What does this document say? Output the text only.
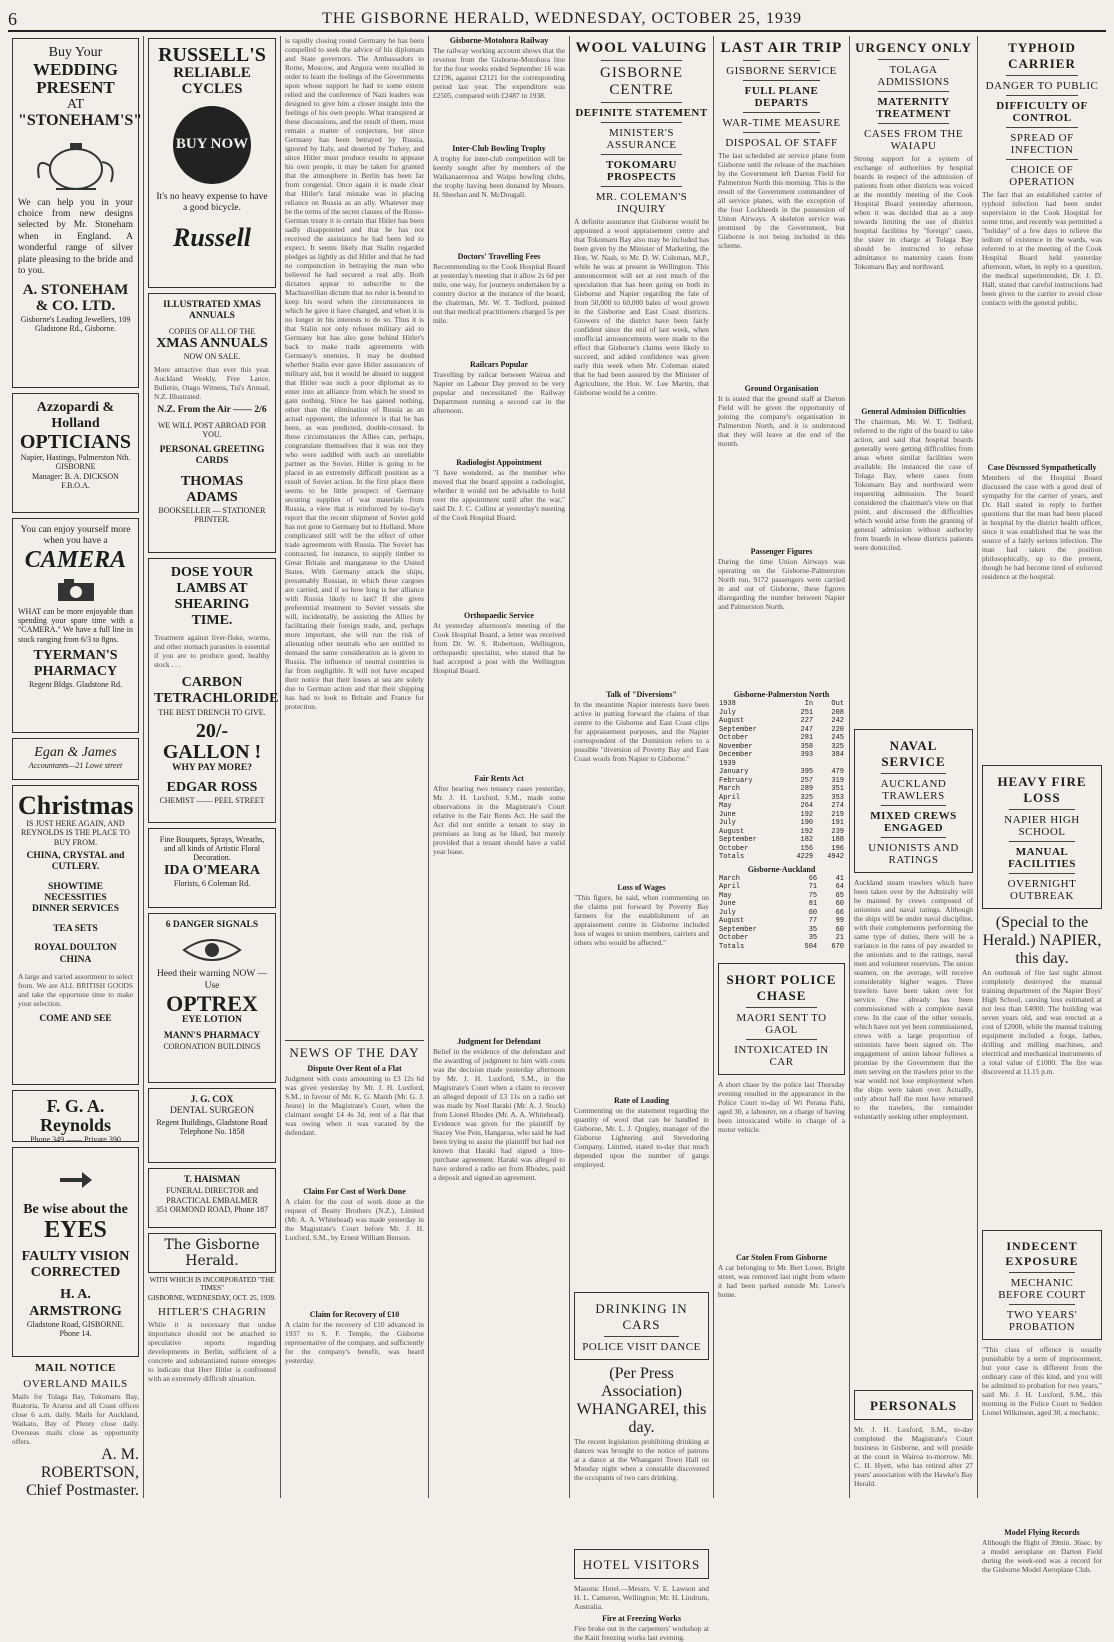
6	THE GISBORNE HERALD, WEDNESDAY, OCTOBER 25, 1939
Buy Your
WEDDING PRESENT
AT
"STONEHAM'S"
We can help you in your choice from new designs selected by Mr. Stoneham when in England. A wonderful range of silver plate pleasing to the bride and to you.
A. STONEHAM & CO. LTD.
Gisborne's Leading Jewellers, 109 Gladstone Rd., Gisborne.
Azzopardi & Holland
OPTICIANS
Napier, Hastings, Palmerston Nth. GISBORNE
Manager: B. A. DICKSON F.B.O.A.
You can enjoy yourself more when you have a
CAMERA
WHAT can be more enjoyable than spending your spare time with a "CAMERA." We have a full line in stock ranging from 6/3 to 8gns.
TYERMAN'S PHARMACY
Regent Bldgs. Gladstone Rd.
Egan & James
Accountants—21 Lowe street
Christmas
IS JUST HERE AGAIN, AND REYNOLDS IS THE PLACE TO BUY FROM.
CHINA, CRYSTAL and CUTLERY.
SHOWTIME NECESSITIES
DINNER SERVICES
TEA SETS
ROYAL DOULTON CHINA
A large and varied assortment to select from. We are ALL BRITISH GOODS and take the opportune time to make your selection.
COME AND SEE
F. G. A. Reynolds
Phone 349 —— Private 390
Be wise about the
EYES
FAULTY VISION CORRECTED
H. A. ARMSTRONG
Gladstone Road, GISBORNE. Phone 14.
MAIL NOTICE
OVERLAND MAILS
Mails for Tolaga Bay, Tokomaru Bay, Ruatoria, Te Araroa and all Coast offices close 6 a.m. daily. Mails for Auckland, Waikato, Bay of Plenty close daily. Overseas mails close as opportunity offers.
A. M. ROBERTSON, Chief Postmaster.
RUSSELL'S
RELIABLE CYCLES
BUY NOW
It's no heavy expense to have a good bicycle.
Russell
ILLUSTRATED XMAS ANNUALS
COPIES OF ALL OF THE
XMAS ANNUALS
NOW ON SALE.
More attractive than ever this year. Auckland Weekly, Free Lance, Bulletin, Otago Witness, Tui's Annual, N.Z. Illustrated.
N.Z. From the Air —— 2/6
WE WILL POST ABROAD FOR YOU.
PERSONAL GREETING CARDS
THOMAS ADAMS
BOOKSELLER — STATIONER PRINTER.
DOSE YOUR LAMBS AT SHEARING TIME.
Treatment against liver-fluke, worms, and other stomach parasites is essential if you are to produce good, healthy stock . . .
CARBON TETRACHLORIDE
THE BEST DRENCH TO GIVE.
20/- GALLON !
WHY PAY MORE?
EDGAR ROSS
CHEMIST —— PEEL STREET
Fine Bouquets, Sprays, Wreaths, and all kinds of Artistic Floral Decoration.
IDA O'MEARA
Florists, 6 Coleman Rd.
6 DANGER SIGNALS
Heed their warning NOW — Use
OPTREX
EYE LOTION
MANN'S PHARMACY
CORONATION BUILDINGS
J. G. COX
DENTAL SURGEON
Regent Buildings, Gladstone Road
Telephone No. 1858
T. HAISMAN
FUNERAL DIRECTOR and PRACTICAL EMBALMER
351 ORMOND ROAD, Phone 187
The Gisborne Herald.
WITH WHICH IS INCORPORATED "THE TIMES"
GISBORNE, WEDNESDAY, OCT. 25, 1939.
HITLER'S CHAGRIN
While it is necessary that undue importance should not be attached to speculative reports regarding developments in Berlin, sufficient of a concrete and substantiated nature emerges to indicate that Herr Hitler is confronted with an extremely difficult situation.
is rapidly closing round Germany he has been compelled to seek the advice of his diplomats and State governors. The Ambassadors to Rome, Moscow, and Angora were recalled in order to learn the feelings of the Governments upon whose support he had to some extent relied and the conference of Nazi leaders was designed to give him a closer insight into the feelings of his own people. What transpired at these discussions, and the result of them, must remain a matter of conjecture, but since Germany has been betrayed by Russia, ignored by Italy, and deserted by Turkey, and since Hitler must produce results to appease his own people, it may be taken for granted that the atmosphere in Berlin has been far from congenial. Once again it is made clear that Hitler's fatal mistake was in placing reliance on Russia as an ally. Whatever may be the terms of the secret clauses of the Russo-German treaty it is certain that Hitler has been sadly disappointed and that he has not received the assistance he had been led to expect. It seems likely that Stalin regarded pledges as lightly as did Hitler and that he had no compunction in betraying the man who believed he had secured a real ally. Both dictators appear to subscribe to the Machiavellian dictum that no ruler is bound to keep his word when the circumstances in which he gave it have changed, and when it is no longer in his interests to do so. Thus it is that Stalin not only refuses military aid to Germany but has also gone behind Hitler's back to make trade agreements with Germany's enemies. It may be doubted whether Stalin ever gave Hitler assurances of military aid, but it would be absurd to suggest that Hitler was such a poor diplomat as to enter into an alliance from which he stood to gain nothing. Since he has gained nothing, other than the elimination of Russia as an actual opponent, the inference is that he has been, as was predicted, double-crossed. In these circumstances the Allies can, perhaps, congratulate themselves that it was not they who were saddled with such an unreliable partner as the Soviet. Hitler is going to be placed in an extremely difficult position as a result of Soviet action. In the first place there seems to be little prospect of Germany securing supplies of war materials from Russia, a view that is reinforced by to-day's report that the recent shipment of Soviet gold has not gone to Germany but to Holland. More complicated still will be the effect of other trade agreements with Russia. The Soviet has contracted, for instance, to supply timber to Great Britain and manganese to the United States. With Germany attack the ships, presumably Russian, in which these cargoes are carried, and if so how long is her alliance with Russia likely to last? If she gives preferential treatment to Soviet vessels she will, incidentally, be assisting the Allies by facilitating their foreign trade, and, perhaps more important, she will run the risk of alienating other neutrals who are entitled to demand the same consideration as is given to Russia. The influence of neutral countries is far from negligible. It will not have escaped their notice that their losses at sea are solely due to German action and that their shipping has had to look to Britain and France for protection.
NEWS OF THE DAY
Dispute Over Rent of a Flat
Judgment with costs amounting to £3 12s 6d was given yesterday by Mr. J. H. Luxford, S.M., in favour of Mr. K. G. Marsh (Mr. G. J. Jeune) in the Magistrate's Court, when the claimant sought £4 4s 3d, rent of a flat that was owing when it was vacated by the defendant.
Claim For Cost of Work Done
A claim for the cost of work done at the request of Beatty Brothers (N.Z.), Limited (Mr. A. A. Whitehead) was made yesterday in the Magistrate's Court before Mr. J. H. Luxford, S.M., by Ernest William Benson.
Claim for Recovery of £10
A claim for the recovery of £10 advanced in 1937 to S. F. Temple, the Gisborne representative of the company, and sufficiently for the company's benefit, was heard yesterday.
Gisborne-Motohora Railway
The railway working account shows that the revenue from the Gisborne-Motohora line for the four weeks ended September 16 was £2196, against £2121 for the corresponding period last year. The expenditure was £2505, compared with £2487 in 1938.
Inter-Club Bowling Trophy
A trophy for inter-club competition will be keenly sought after by members of the Waikanaerenoa and Waipu bowling clubs, the trophy having been donated by Messrs. H. Sheehan and N. McDougall.
Doctors' Travelling Fees
Recommending to the Cook Hospital Board at yesterday's meeting that it allow 2s 6d per mile, one way, for journeys undertaken by a country doctor at the instance of the board, the chairman, Mr. W. T. Tedford, pointed out that medical practitioners charged 5s per mile.
Railcars Popular
Travelling by railcar between Wairoa and Napier on Labour Day proved to be very popular and necessitated the Railway Department running a second car in the afternoon.
Radiologist Appointment
"I have wondered, as the member who moved that the board appoint a radiologist, whether it would not be advisable to hold over the appointment until after the war," said Dr. J. C. Collins at yesterday's meeting of the Cook Hospital Board.
Orthopaedic Service
At yesterday afternoon's meeting of the Cook Hospital Board, a letter was received from Dr. W. S. Robertson, Wellington, orthopaedic specialist, who stated that he had accepted a post with the Wellington Hospital Board.
Fair Rents Act
After hearing two tenancy cases yesterday, Mr. J. H. Luxford, S.M., made some observations in the Magistrate's Court relative to the Fair Rents Act. He said the Act did not entitle a tenant to stay in premises as long as he liked, but merely provided that a tenant should have a valid year lease.
Judgment for Defendant
Belief in the evidence of the defendant and the awarding of judgment to him with costs was the decision made yesterday afternoon by Mr. J. H. Luxford, S.M., in the Magistrate's Court when a claim to recover an alleged deposit of £3 11s on a radio set was made by Noel Ilaraki (Mr. A. J. Stock) from Lionel Rhodes (Mr. A. A. Whitehead). Evidence was given for the plaintiff by Stacey Voe Pein, Hangaroa, who said he had been trying to assist the plaintiff but had not known that Haraki had signed a hire-purchase agreement. Haraki was alleged to have ordered a radio set from Rhodes, paid a deposit and signed an agreement.
WOOL VALUING
GISBORNE CENTRE
DEFINITE STATEMENT
MINISTER'S ASSURANCE
TOKOMARU PROSPECTS
MR. COLEMAN'S INQUIRY
A definite assurance that Gisborne would be appointed a wool appraisement centre and that Tokomaru Bay also may be included has been given by the Minister of Marketing, the Hon. W. Nash, to Mr. D. W. Coleman, M.P., while he was at present in Wellington. This announcement will set at rest much of the speculation that has been going on both in Gisborne and Napier regarding the fate of from 50,000 to 60,000 bales of wool grown in the Gisborne and East Coast districts. Growers of the district have been fairly confident since the end of last week, when unofficial announcements were made to the effect that Gisborne's claims were likely to succeed, and added confidence was given early this week when Mr. Coleman stated that he had been assured by the Minister of Agriculture, the Hon. W. Lee Martin, that Gisborne would be a centre.
Talk of "Diversions"
In the meantime Napier interests have been active in putting forward the claims of that centre to the Gisborne and East Coast clips for appraisement purposes, and the Napier correspondent of the Dominion refers to a possible "diversion of Poverty Bay and East Coast wools from Napier to Gisborne."
Loss of Wages
"This figure, he said, when commenting on the claims put forward by Poverty Bay farmers for the establishment of an appraisement centre in Gisborne included loss of wages to union members, carriers and others who would be affected."
Rate of Loading
Commenting on the statement regarding the quantity of wool that can be handled in Gisborne, Mr. L. J. Quigley, manager of the Gisborne Lightering and Stevedoring Company, Limited, stated to-day that much depended upon the number of gangs employed.
DRINKING IN CARS
POLICE VISIT DANCE
(Per Press Association) WHANGAREI, this day.
The recent legislation prohibiting drinking at dances was brought to the notice of patrons at a dance at the Whangarei Town Hall on Monday night when a constable discovered the occupants of two cars drinking.
HOTEL VISITORS
Masonic Hotel.—Messrs. V. E. Lawson and H. L. Cameron, Wellington; Mr. H. Lindrum, Australia.
Fire at Freezing Works
Fire broke out in the carpenters' workshop at the Kaiti freezing works last evening.
LAST AIR TRIP
GISBORNE SERVICE
FULL PLANE DEPARTS
WAR-TIME MEASURE
DISPOSAL OF STAFF
The last scheduled air service plane from Gisborne until the release of the machines by the Government left Darton Field for Palmerston North this morning. This is the result of the Government commandeer of all service planes, with the exception of the four Lockheeds in the possession of Union Airways. A skeleton service was promised by the Government, but Gisborne is not being included in this scheme.
Ground Organisation
It is stated that the ground staff at Darton Field will be given the opportunity of joining the company's organisation in Palmerston North, and it is understood that they will leave at the end of the month.
Passenger Figures
During the time Union Airways was operating on the Gisborne-Palmerston North run, 9172 passengers were carried in and out of Gisborne, these figures disregarding the number between Napier and Palmerston North.
Gisborne-Palmerston North
1938	In	Out
July	251	208
August	227	242
September	247	220
October	281	245
November	358	325
December	393	384
1939		
January	395	479
February	257	319
March	289	351
April	325	353
May	264	274
June	192	219
July	190	191
August	192	239
September	182	188
October	156	196
Totals	4229	4942
Gisborne-Auckland
March	66	41
April	71	64
May	75	65
June	81	60
July	60	66
August	77	99
September	35	60
October	35	21
Totals	504	670
SHORT POLICE CHASE
MAORI SENT TO GAOL
INTOXICATED IN CAR
A short chase by the police last Thursday evening resulted in the appearance in the Police Court to-day of Wi Perana Pahi, aged 30, a labourer, on a charge of having been intoxicated while in charge of a motor vehicle.
Car Stolen From Gisborne
A car belonging to Mr. Bert Lowe, Bright street, was removed last night from where it had been parked outside Mr. Lowe's home.
URGENCY ONLY
TOLAGA ADMISSIONS
MATERNITY TREATMENT
CASES FROM THE WAIAPU
Strong support for a system of exchange of authorities by hospital boards in respect of the admission of patients from other districts was voiced at the monthly meeting of the Cook Hospital Board yesterday afternoon, when it was decided that as a step towards limiting the use of district hospital facilities by "foreign" cases, the sister in charge at Tolaga Bay should be instructed to refuse admittance to maternity cases from Tokomaru Bay and northward.
General Admission Difficulties
The chairman, Mr. W. T. Tedford, referred to the right of the board to take action, and said that hospital boards generally were getting difficulties from areas where similar facilities were available. He instanced the case of Tolaga Bay, where cases from Tokomaru Bay and northward were requesting admission. The board considered the chairman's view on that point, and discussed the difficulties which would arise from the granting of general admission without authority from boards in whose districts patients were domiciled.
NAVAL SERVICE
AUCKLAND TRAWLERS
MIXED CREWS ENGAGED
UNIONISTS AND RATINGS
Auckland steam trawlers which have been taken over by the Admiralty will be manned by crews composed of unionists and naval ratings. Although the ships will be under naval discipline, with their complements performing the same type of duties, there will be a variance in the rates of pay awarded to the unionists and to the ratings, naval men and volunteer reservists. The union seamen, on the average, will receive considerably higher wages. Three trawlers have been taken over for service. One already has been commissioned with a complete naval crew. In the case of the other vessels, which have not yet been commissioned, crews with a large proportion of unionists have been signed on. The engagement of union labour follows a promise by the Government that the men serving on the trawlers prior to the war would not lose employment when the ships were taken over. Actually, only about half the men have returned to the trawlers, the remainder voluntarily seeking other employment.
PERSONALS
Mr. J. H. Luxford, S.M., to-day completed the Magistrate's Court business in Gisborne, and will preside at the court in Wairoa to-morrow. Mr. C. H. Hyett, who has retired after 27 years' association with the Hawke's Bay Herald.
TYPHOID CARRIER
DANGER TO PUBLIC
DIFFICULTY OF CONTROL
SPREAD OF INFECTION
CHOICE OF OPERATION
The fact that an established carrier of typhoid infection had been under supervision in the Cook Hospital for some time, and recently was permitted a "holiday" of a few days to relieve the tedium of existence in the wards, was referred to at the meeting of the Cook Hospital Board held yesterday afternoon, when, in reply to a question, the medical superintendent, Dr. J. D. Hall, stated that careful instructions had been given to the carrier to avoid close contacts with the general public.
Case Discussed Sympathetically
Members of the Hospital Board discussed the case with a good deal of sympathy for the carrier of years, and Dr. Hall stated in reply to further questions that the man had been placed in hospital by the district health officer, since it was established that he was the source of a fairly serious infection. The man had taken the position philosophically, up to the present, though he had become tired of enforced residence at the hospital.
HEAVY FIRE LOSS
NAPIER HIGH SCHOOL
MANUAL FACILITIES
OVERNIGHT OUTBREAK
(Special to the Herald.) NAPIER, this day.
An outbreak of fire last night almost completely destroyed the manual training department of the Napier Boys' High School, causing loss estimated at not less than £4000. The building was seven years old, and was erected at a cost of £2000, while the manual training equipment included a forge, lathes, drilling and milling machines, and electrical and mechanical instruments of a total value of £1000. The fire was discovered at 11.15 p.m.
INDECENT EXPOSURE
MECHANIC BEFORE COURT
TWO YEARS' PROBATION
"This class of offence is usually punishable by a term of imprisonment, but your case is different from the ordinary case of this kind, and you will be admitted to probation for two years," said Mr. J. H. Luxford, S.M., this morning in the Police Court to Sedden Lionel Wilkinson, aged 30, a mechanic.
Model Flying Records
Although the flight of 39min. 36sec. by a model aeroplane on Darton Field during the week-end was a record for the Gisborne Model Aeroplane Club.
